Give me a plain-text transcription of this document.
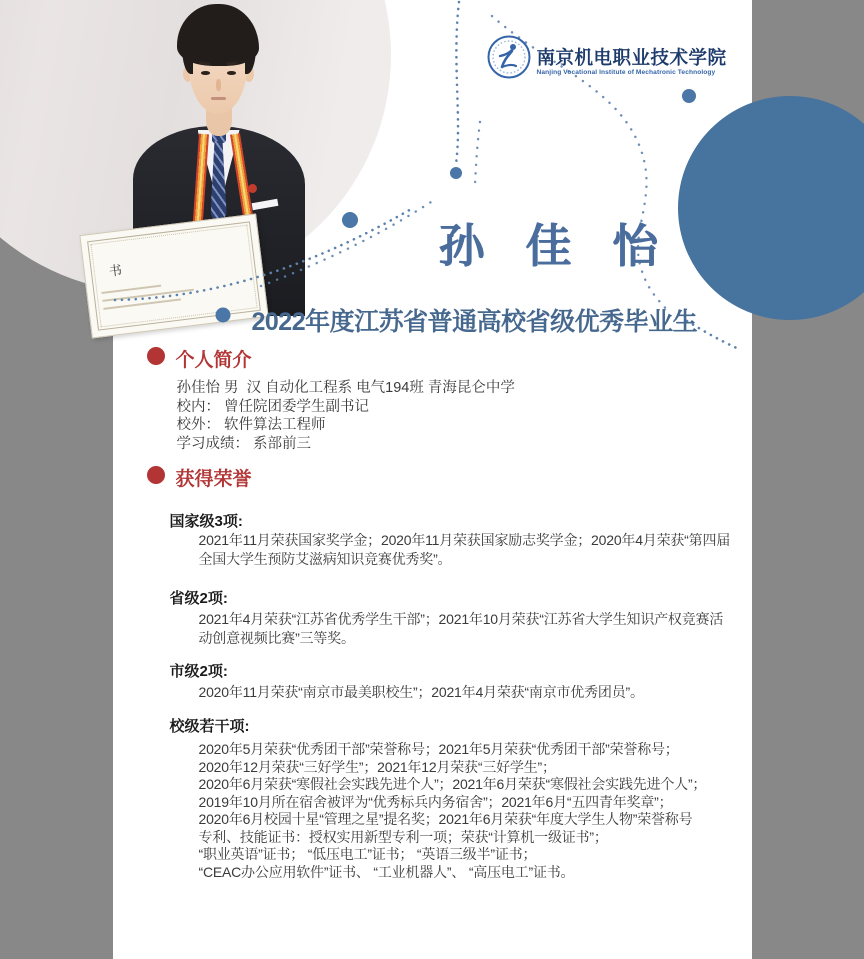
书
南京机电职业技术学院
Nanjing Vocational Institute of Mechatronic Technology
孙 佳 怡
2022年度江苏省普通高校省级优秀毕业生
个人简介
孙佳怡 男  汉 自动化工程系 电气194班 青海昆仑中学
校内： 曾任院团委学生副书记
校外： 软件算法工程师
学习成绩： 系部前三
获得荣誉
国家级3项:
2021年11月荣获国家奖学金；2020年11月荣获国家励志奖学金；2020年4月荣获“第四届
全国大学生预防艾滋病知识竞赛优秀奖”。
省级2项:
2021年4月荣获“江苏省优秀学生干部”；2021年10月荣获“江苏省大学生知识产权竞赛活
动创意视频比赛”三等奖。
市级2项:
2020年11月荣获“南京市最美职校生”；2021年4月荣获“南京市优秀团员”。
校级若干项:
2020年5月荣获“优秀团干部”荣誉称号；2021年5月荣获“优秀团干部”荣誉称号；
2020年12月荣获“三好学生”；2021年12月荣获“三好学生”；
2020年6月荣获“寒假社会实践先进个人”；2021年6月荣获“寒假社会实践先进个人”；
2019年10月所在宿舍被评为“优秀标兵内务宿舍”；2021年6月“五四青年奖章”；
2020年6月校园十星“管理之星”提名奖；2021年6月荣获“年度大学生人物”荣誉称号
专利、技能证书：授权实用新型专利一项；荣获“计算机一级证书”；
“职业英语”证书； “低压电工”证书； “英语三级半”证书；
“CEAC办公应用软件”证书、 “工业机器人”、 “高压电工”证书。
